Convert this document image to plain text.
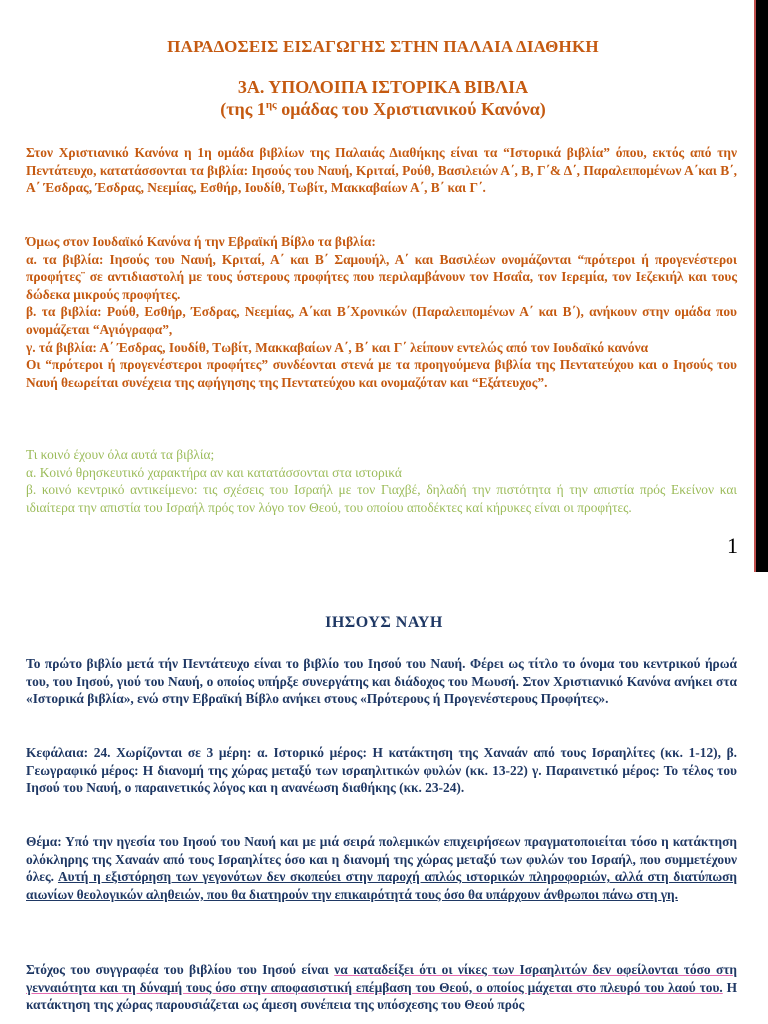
ΠΑΡΑΔΟΣΕΙΣ ΕΙΣΑΓΩΓΗΣ ΣΤΗΝ ΠΑΛΑΙΑ ΔΙΑΘΗΚΗ
3Α. ΥΠΟΛΟΙΠΑ ΙΣΤΟΡΙΚΑ ΒΙΒΛΙΑ
(της $1^{\eta\varsigma}$ ομάδας του Χριστιανικού Κανόνα)
Στον Χριστιανικό Κανόνα η 1η ομάδα βιβλίων της Παλαιάς Διαθήκης είναι τα “Ιστορικά βιβλία” όπου, εκτός από την Πεντάτευχο, κατατάσσονται τα βιβλία: Ιησούς του Ναυή, Κριταί, Ρούθ, Βασιλειών Α΄, Β, Γ΄& Δ΄, Παραλειπομένων Α΄και Β΄, Α΄ Έσδρας, Έσδρας, Νεεμίας, Εσθήρ, Ιουδίθ, Τωβίτ, Μακκαβαίων Α΄, Β΄ και Γ΄.
Όμως στον Ιουδαϊκό Κανόνα ή την Εβραϊκή Βίβλο τα βιβλία:
α. τα βιβλία: Ιησούς του Ναυή, Κριταί, Α΄ και Β΄ Σαμουήλ, Α΄ και Βασιλέων ονομάζονται “πρότεροι ή προγενέστεροι προφήτες¨ σε αντιδιαστολή με τους ύστερους προφήτες που περιλαμβάνουν τον Ησαΐα, τον Ιερεμία, τον Ιεζεκιήλ και τους δώδεκα μικρούς προφήτες.
β. τα βιβλία: Ρούθ, Εσθήρ, Έσδρας, Νεεμίας, Α΄και Β΄Χρονικών (Παραλειπομένων Α΄ και Β΄), ανήκουν στην ομάδα που ονομάζεται “Αγιόγραφα”,
γ. τά βιβλία: Α΄ Έσδρας, Ιουδίθ, Τωβίτ, Μακκαβαίων Α΄, Β΄ και Γ΄ λείπουν εντελώς από τον Ιουδαϊκό κανόνα
Οι “πρότεροι ή προγενέστεροι προφήτες” συνδέονται στενά με τα προηγούμενα βιβλία της Πεντατεύχου και ο Ιησούς του Ναυή θεωρείται συνέχεια της αφήγησης της Πεντατεύχου και ονομαζόταν και “Εξάτευχος”.
Τι κοινό έχουν όλα αυτά τα βιβλία;
α. Κοινό θρησκευτικό χαρακτήρα αν και κατατάσσονται στα ιστορικά
β. κοινό κεντρικό αντικείμενο: τις σχέσεις του Ισραήλ με τον Γιαχβέ, δηλαδή την πιστότητα ή την απιστία πρός Εκείνον και ιδιαίτερα την απιστία του Ισραήλ πρός τον λόγο τον Θεού, του οποίου αποδέκτες καί κήρυκες είναι οι προφήτες.
1
ΙΗΣΟΥΣ ΝΑΥΗ
Το πρώτο βιβλίο μετά τήν Πεντάτευχο είναι το βιβλίο του Ιησού του Ναυή. Φέρει ως τίτλο το όνομα του κεντρικού ήρωά του, του Ιησού, γιού του Ναυή, ο οποίος υπήρξε συνεργάτης και διάδοχος του Μωυσή. Στον Χριστιανικό Κανόνα ανήκει στα «Ιστορικά βιβλία», ενώ στην Εβραϊκή Βίβλο ανήκει στους «Πρότερους ή Προγενέστερους Προφήτες».
Κεφάλαια: 24. Χωρίζονται σε 3 μέρη: α. Ιστορικό μέρος: Η κατάκτηση της Χαναάν από τους Ισραηλίτες (κκ. 1-12), β. Γεωγραφικό μέρος: Η διανομή της χώρας μεταξύ των ισραηλιτικών φυλών (κκ. 13-22) γ. Παραινετικό μέρος: Το τέλος του Ιησού του Ναυή, ο παραινετικός λόγος και η ανανέωση διαθήκης (κκ. 23-24).
Θέμα: Υπό την ηγεσία του Ιησού του Ναυή και με μιά σειρά πολεμικών επιχειρήσεων πραγματοποιείται τόσο η κατάκτηση ολόκληρης της Χαναάν από τους Ισραηλίτες όσο και η διανομή της χώρας μεταξύ των φυλών του Ισραήλ, που συμμετέχουν όλες. Αυτή η εξιστόρηση των γεγονότων δεν σκοπεύει στην παροχή απλώς ιστορικών πληροφοριών, αλλά στη διατύπωση αιωνίων θεολογικών αληθειών, που θα διατηρούν την επικαιρότητά τους όσο θα υπάρχουν άνθρωποι πάνω στη γη.
Στόχος του συγγραφέα του βιβλίου του Ιησού είναι να καταδείξει ότι οι νίκες των Ισραηλιτών δεν οφείλονται τόσο στη γενναιότητα και τη δύναμή τους όσο στην αποφασιστική επέμβαση του Θεού, ο οποίος μάχεται στο πλευρό του λαού του. Η κατάκτηση της χώρας παρουσιάζεται ως άμεση συνέπεια της υπόσχεσης του Θεού πρός
